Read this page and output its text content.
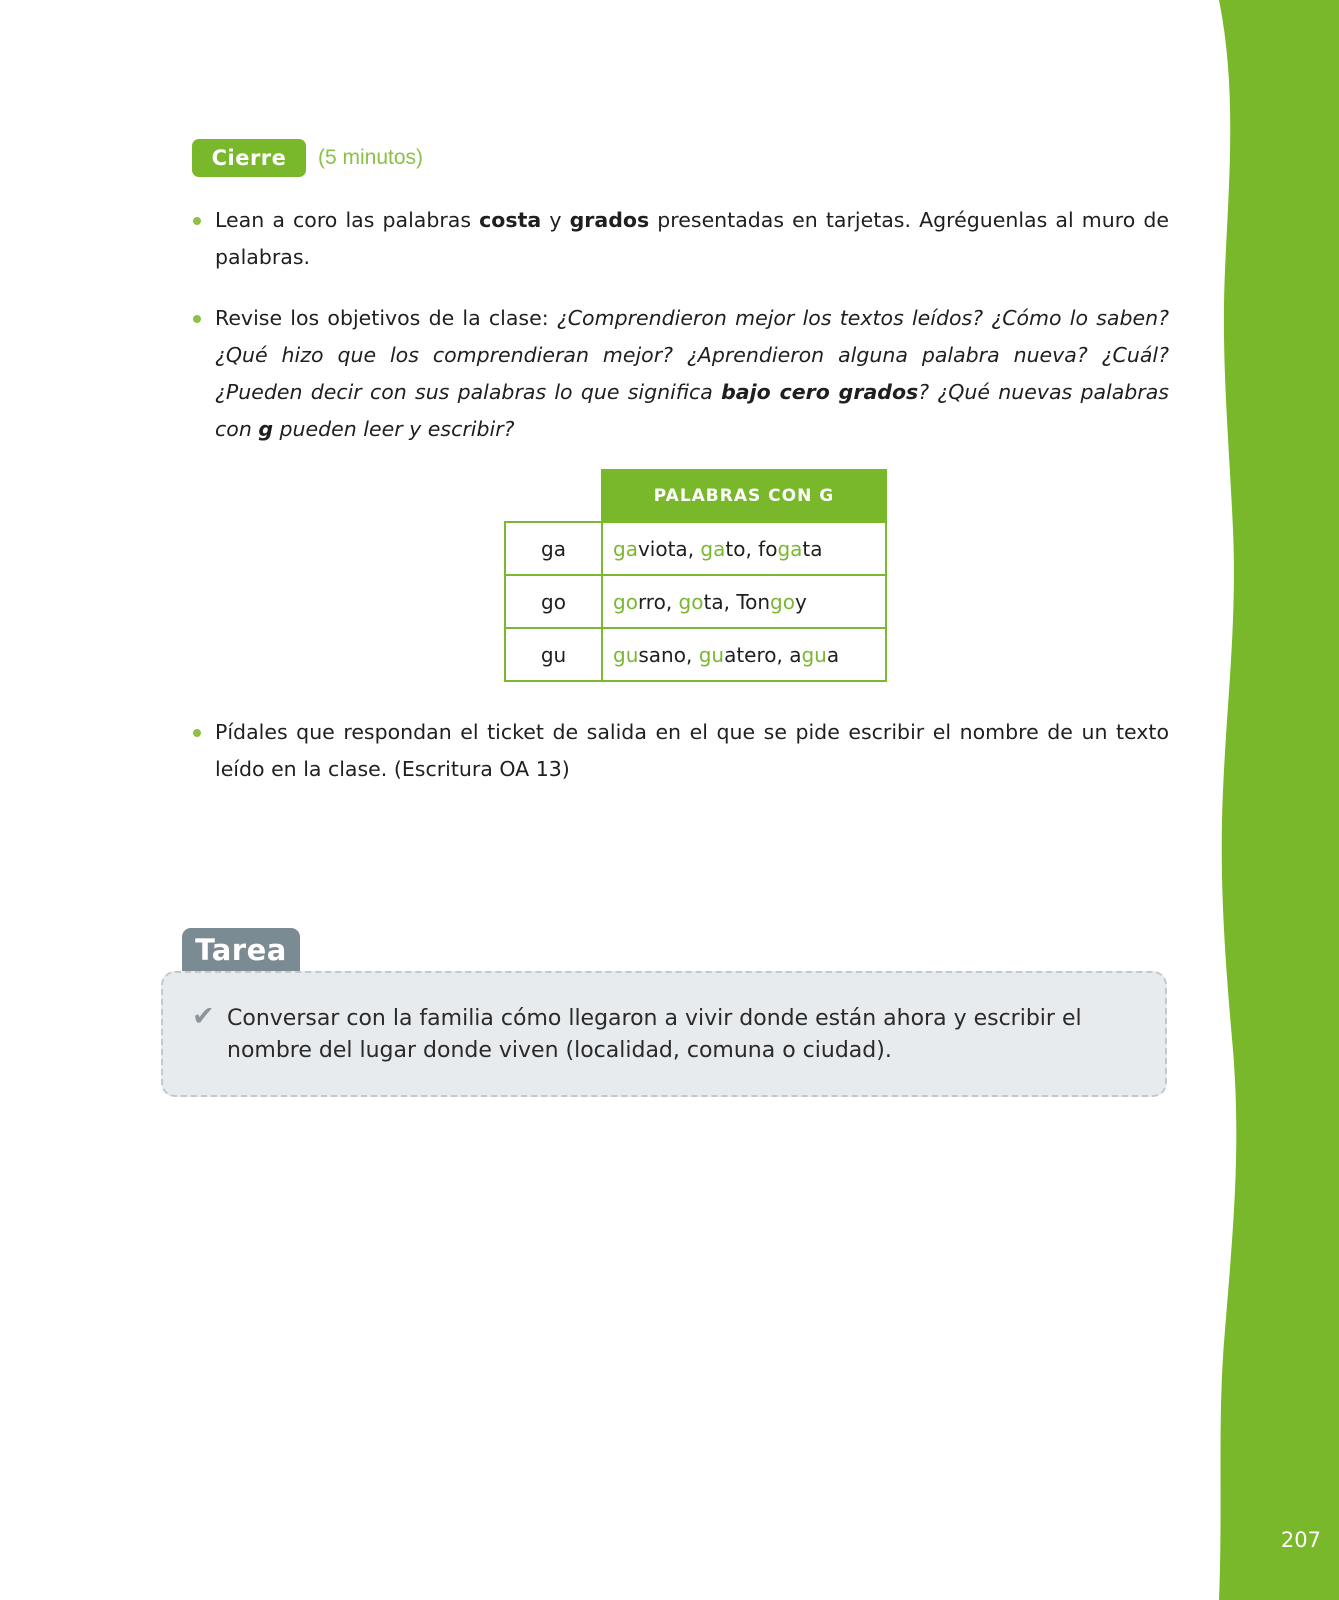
207
Cierre	(5 minutos)
Lean a coro las palabras costa y grados presentadas en tarjetas. Agréguenlas al muro de palabras.
Revise los objetivos de la clase: ¿Comprendieron mejor los textos leídos? ¿Cómo lo saben? ¿Qué hizo que los comprendieran mejor? ¿Aprendieron alguna palabra nueva? ¿Cuál? ¿Pueden decir con sus palabras lo que significa bajo cero grados? ¿Qué nuevas palabras con g pueden leer y escribir?
	PALABRAS CON G
ga	gaviota, gato, fogata
go	gorro, gota, Tongoy
gu	gusano, guatero, agua
Pídales que respondan el ticket de salida en el que se pide escribir el nombre de un texto leído en la clase. (Escritura OA 13)
Tarea
✔ Conversar con la familia cómo llegaron a vivir donde están ahora y escribir el nombre del lugar donde viven (localidad, comuna o ciudad).
